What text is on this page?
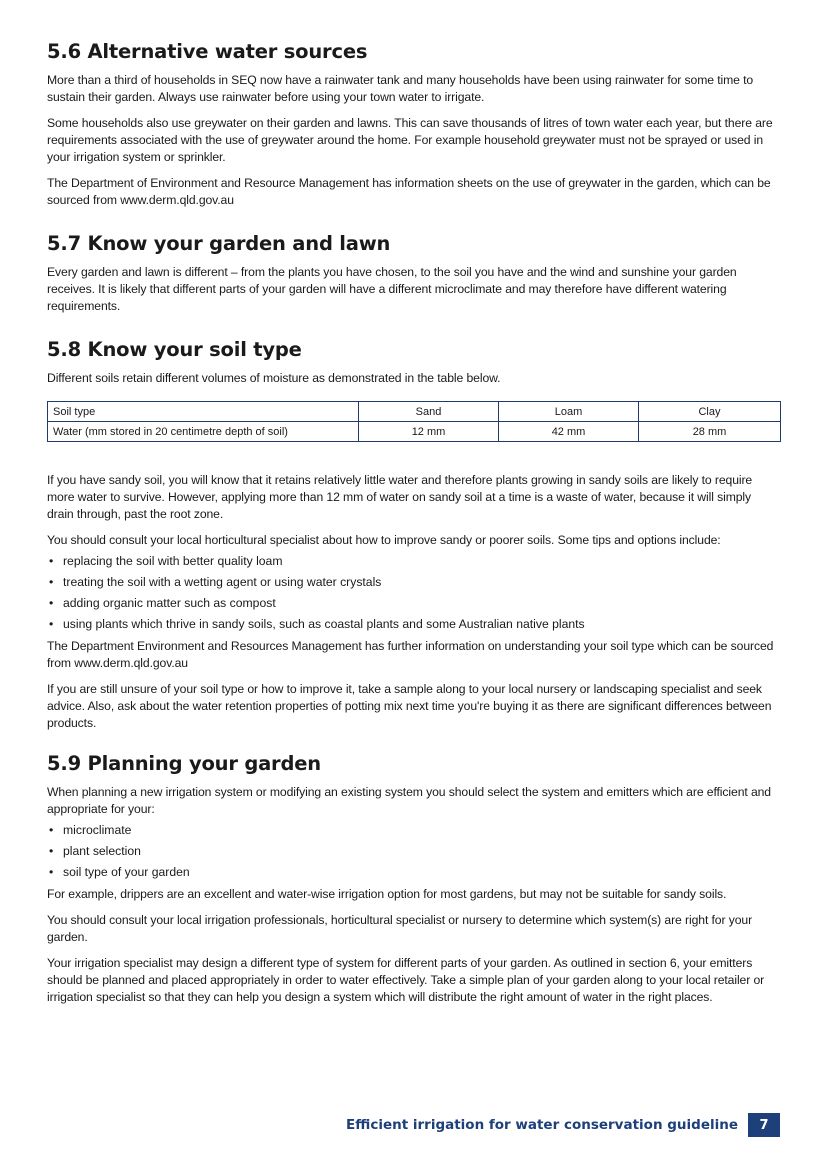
5.6 Alternative water sources

More than a third of households in SEQ now have a rainwater tank and many households have been using rainwater for some time to sustain their garden. Always use rainwater before using your town water to irrigate.

Some households also use greywater on their garden and lawns. This can save thousands of litres of town water each year, but there are requirements associated with the use of greywater around the home. For example household greywater must not be sprayed or used in your irrigation system or sprinkler.

The Department of Environment and Resource Management has information sheets on the use of greywater in the garden, which can be sourced from www.derm.qld.gov.au

5.7 Know your garden and lawn

Every garden and lawn is different – from the plants you have chosen, to the soil you have and the wind and sunshine your garden receives. It is likely that different parts of your garden will have a different microclimate and may therefore have different watering requirements.

5.8 Know your soil type

Different soils retain different volumes of moisture as demonstrated in the table below.

Soil type	Sand	Loam	Clay
Water (mm stored in 20 centimetre depth of soil)	12 mm	42 mm	28 mm

If you have sandy soil, you will know that it retains relatively little water and therefore plants growing in sandy soils are likely to require more water to survive. However, applying more than 12 mm of water on sandy soil at a time is a waste of water, because it will simply drain through, past the root zone.

You should consult your local horticultural specialist about how to improve sandy or poorer soils. Some tips and options include:

• replacing the soil with better quality loam
• treating the soil with a wetting agent or using water crystals
• adding organic matter such as compost
• using plants which thrive in sandy soils, such as coastal plants and some Australian native plants

The Department Environment and Resources Management has further information on understanding your soil type which can be sourced from www.derm.qld.gov.au

If you are still unsure of your soil type or how to improve it, take a sample along to your local nursery or landscaping specialist and seek advice. Also, ask about the water retention properties of potting mix next time you're buying it as there are significant differences between products.

5.9 Planning your garden

When planning a new irrigation system or modifying an existing system you should select the system and emitters which are efficient and appropriate for your:

• microclimate
• plant selection
• soil type of your garden

For example, drippers are an excellent and water-wise irrigation option for most gardens, but may not be suitable for sandy soils.

You should consult your local irrigation professionals, horticultural specialist or nursery to determine which system(s) are right for your garden.

Your irrigation specialist may design a different type of system for different parts of your garden. As outlined in section 6, your emitters should be planned and placed appropriately in order to water effectively. Take a simple plan of your garden along to your local retailer or irrigation specialist so that they can help you design a system which will distribute the right amount of water in the right places.

Efficient irrigation for water conservation guideline	7
